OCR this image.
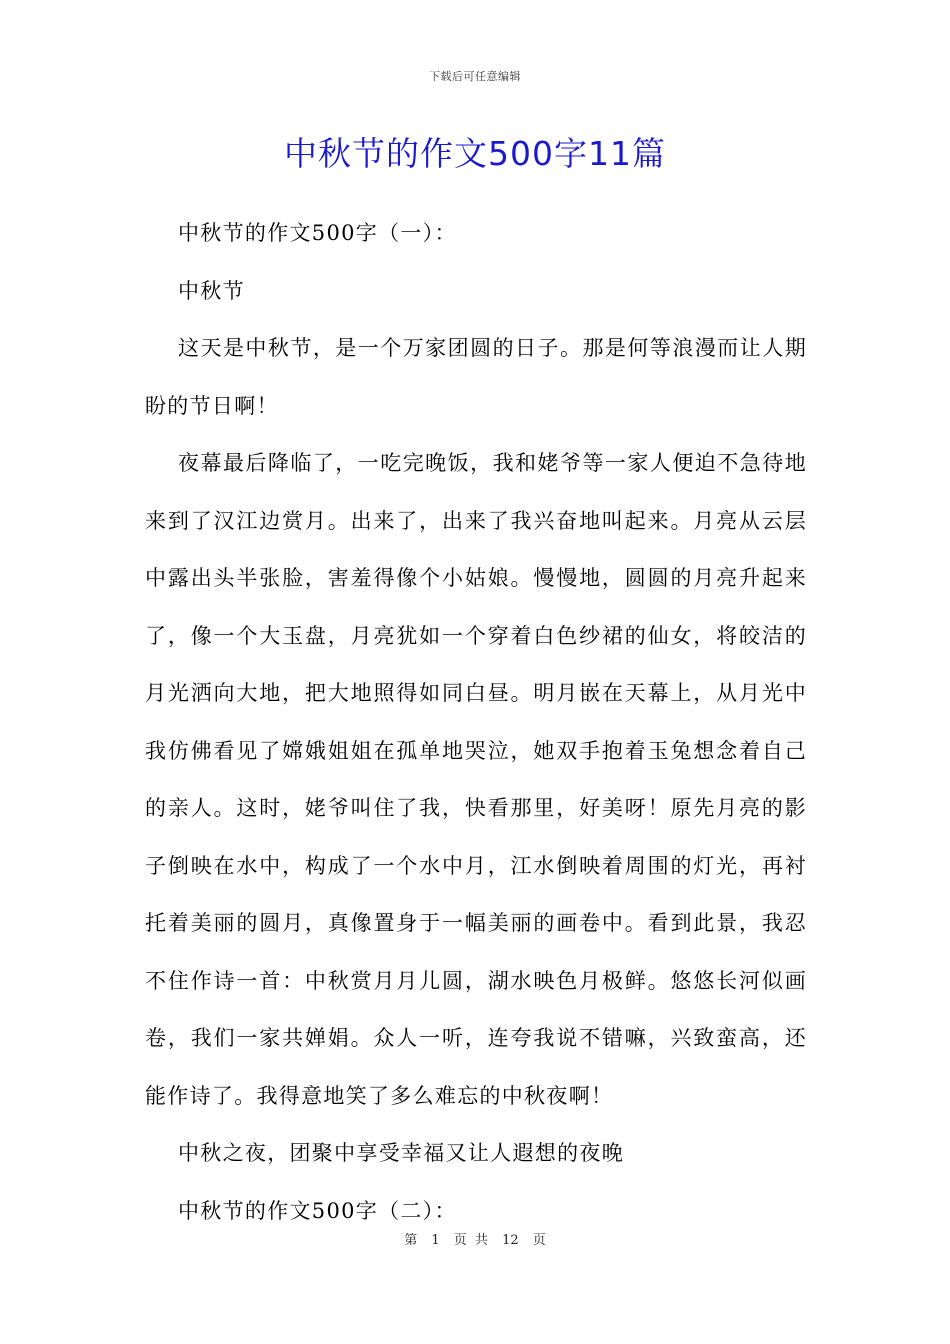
下载后可任意编辑
中秋节的作文500字11篇

中秋节的作文500字（一）：

中秋节

这天是中秋节，是一个万家团圆的日子。那是何等浪漫而让人期盼的节日啊！

夜幕最后降临了，一吃完晚饭，我和姥爷等一家人便迫不急待地来到了汉江边赏月。出来了，出来了我兴奋地叫起来。月亮从云层中露出头半张脸，害羞得像个小姑娘。慢慢地，圆圆的月亮升起来了，像一个大玉盘，月亮犹如一个穿着白色纱裙的仙女，将皎洁的月光洒向大地，把大地照得如同白昼。明月嵌在天幕上，从月光中我仿佛看见了嫦娥姐姐在孤单地哭泣，她双手抱着玉兔想念着自己的亲人。这时，姥爷叫住了我，快看那里，好美呀！原先月亮的影子倒映在水中，构成了一个水中月，江水倒映着周围的灯光，再衬托着美丽的圆月，真像置身于一幅美丽的画卷中。看到此景，我忍不住作诗一首：中秋赏月月儿圆，湖水映色月极鲜。悠悠长河似画卷，我们一家共婵娟。众人一听，连夸我说不错嘛，兴致蛮高，还能作诗了。我得意地笑了多么难忘的中秋夜啊！

中秋之夜，团聚中享受幸福又让人遐想的夜晚

中秋节的作文500字（二）：

第 1 页 共 12 页
